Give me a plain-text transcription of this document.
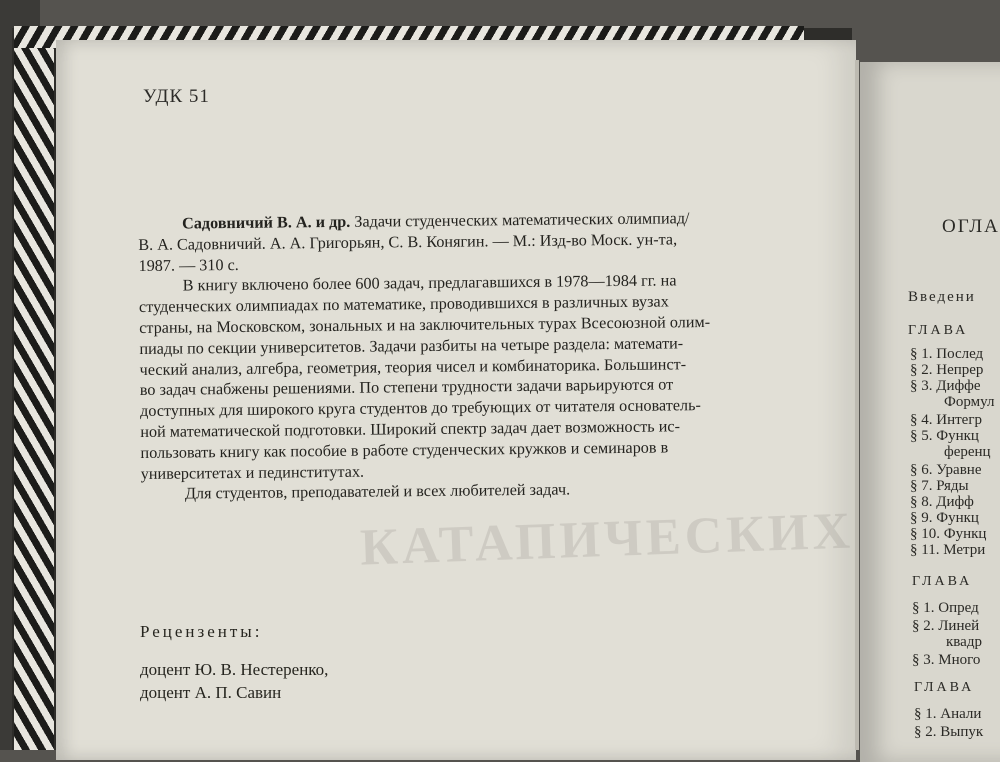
КАТАПИЧЕСКИХ
УДК 51
Садовничий В. А. и др. Задачи студенческих математических олимпиад/
В. А. Садовничий. А. А. Григорьян, С. В. Конягин. — М.: Изд-во Моск. ун-та,
1987. — 310 с.
В книгу включено более 600 задач, предлагавшихся в 1978—1984 гг. на
студенческих олимпиадах по математике, проводившихся в различных вузах
страны, на Московском, зональных и на заключительных турах Всесоюзной олим-
пиады по секции университетов. Задачи разбиты на четыре раздела: математи-
ческий анализ, алгебра, геометрия, теория чисел и комбинаторика. Большинст-
во задач снабжены решениями. По степени трудности задачи варьируются от
доступных для широкого круга студентов до требующих от читателя основатель-
ной математической подготовки. Широкий спектр задач дает возможность ис-
пользовать книгу как пособие в работе студенческих кружков и семинаров в
университетах и пединститутах.
Для студентов, преподавателей и всех любителей задач.
Рецензенты:
доцент Ю. В. Нестеренко,
доцент А. П. Савин
ОГЛА
Введени
ГЛАВА
§ 1. Послед
§ 2. Непрер
§ 3. Диффе
Формул
§ 4. Интегр
§ 5. Функц
ференц
§ 6. Уравне
§ 7. Ряды
§ 8. Дифф
§ 9. Функц
§ 10. Функц
§ 11. Метри
ГЛАВА
§ 1. Опред
§ 2. Линей
квадр
§ 3. Много
ГЛАВА
§ 1. Анали
§ 2. Выпук
